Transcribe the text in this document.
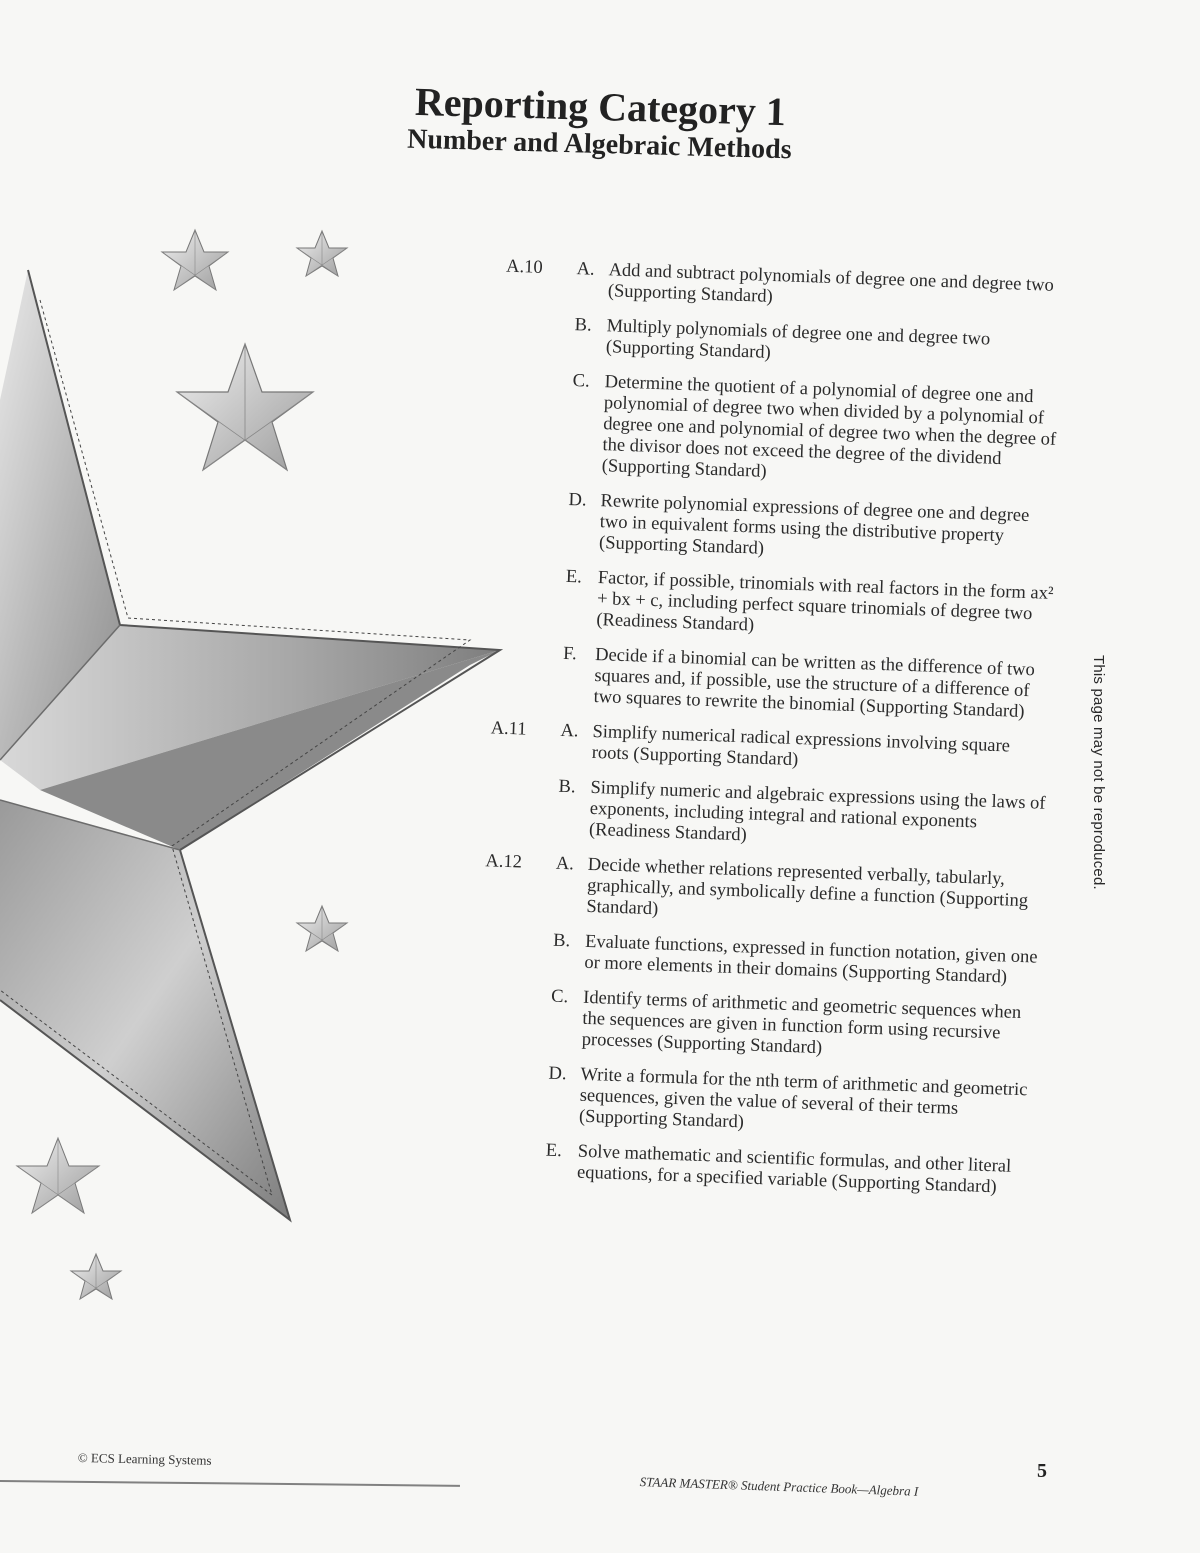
Reporting Category 1
Number and Algebraic Methods
A.10 A. Add and subtract polynomials of degree one and degree two (Supporting Standard)
B. Multiply polynomials of degree one and degree two (Supporting Standard)
C. Determine the quotient of a polynomial of degree one and polynomial of degree two when divided by a polynomial of degree one and polynomial of degree two when the degree of the divisor does not exceed the degree of the dividend (Supporting Standard)
D. Rewrite polynomial expressions of degree one and degree two in equivalent forms using the distributive property (Supporting Standard)
E. Factor, if possible, trinomials with real factors in the form ax² + bx + c, including perfect square trinomials of degree two (Readiness Standard)
F. Decide if a binomial can be written as the difference of two squares and, if possible, use the structure of a difference of two squares to rewrite the binomial (Supporting Standard)
A.11 A. Simplify numerical radical expressions involving square roots (Supporting Standard)
B. Simplify numeric and algebraic expressions using the laws of exponents, including integral and rational exponents (Readiness Standard)
A.12 A. Decide whether relations represented verbally, tabularly, graphically, and symbolically define a function (Supporting Standard)
B. Evaluate functions, expressed in function notation, given one or more elements in their domains (Supporting Standard)
C. Identify terms of arithmetic and geometric sequences when the sequences are given in function form using recursive processes (Supporting Standard)
D. Write a formula for the nth term of arithmetic and geometric sequences, given the value of several of their terms (Supporting Standard)
E. Solve mathematic and scientific formulas, and other literal equations, for a specified variable (Supporting Standard)
This page may not be reproduced.
© ECS Learning Systems
STAAR MASTER® Student Practice Book—Algebra I
5
